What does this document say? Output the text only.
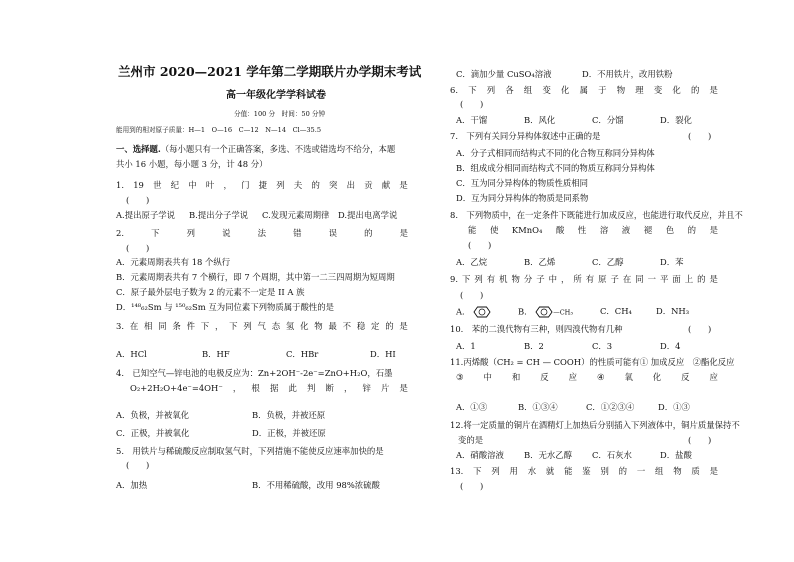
兰州市 2020—2021 学年第二学期联片办学期末考试
高一年级化学学科试卷
分值：100 分　时间：50 分钟
能用到的相对原子质量：H—1　O—16　C—12　N—14　Cl—35.5
一、选择题.（每小题只有一个正确答案，多选、不选或错选均不给分，本题
共小 16 小题，每小题 3 分，计 48 分）
1. 19 世 纪 中 叶 ， 门 捷 列 夫 的 突 出 贡 献 是
(　　)
A.提出原子学说 B.提出分子学说 C.发现元素周期律 D.提出电离学说
2.	下	列	说	法	错	误	的	是
(　　)
A．元素周期表共有 18 个纵行
B．元素周期表共有 7 个横行，即 7 个周期，其中第一二三四周期为短周期
C．原子最外层电子数为 2 的元素不一定是 II A 族
D．¹⁴⁸₆₂Sm 与 ¹⁵⁰₆₂Sm 互为同位素下列物质属于酸性的是
3. 在 相 同 条 件 下 ， 下 列 气 态 氢 化 物 最 不 稳 定 的 是
A．HCl	B．HF	C．HBr	D．HI
4.　已知空气—锌电池的电极反应为：Zn+2OH⁻-2e⁻=ZnO+H₂O，石墨
O₂+2H₂O+4e⁻=4OH⁻ ， 根 据 此 判 断 ， 锌 片 是
A．负极，并被氧化	B．负极，并被还原
C．正极，并被氧化	D．正极，并被还原
5.　用铁片与稀硫酸反应制取氢气时，下列措施不能使反应速率加快的是
(　　)
A．加热	B．不用稀硫酸，改用 98%浓硫酸
C．滴加少量 CuSO₄溶液	D．不用铁片，改用铁粉
6. 下 列 各 组 变 化 属 于 物 理 变 化 的 是
(　　)
A．干馏	B．风化	C．分馏	D．裂化
7.　下列有关同分异构体叙述中正确的是	(　　)
A．分子式相同而结构式不同的化合物互称同分异构体
B．组成成分相同而结构式不同的物质互称同分异构体
C．互为同分异构体的物质性质相同
D．互为同分异构体的物质是同系物
8.　下列物质中，在一定条件下既能进行加成反应，也能进行取代反应，并且不
能 使 KMnO₄ 酸 性 溶 液 褪 色 的 是
(　　)
A．乙烷	B．乙烯	C．乙醇	D．苯
9. 下 列 有 机 物 分 子 中 ， 所 有 原 子 在 同 一 平 面 上 的 是
(　　)
A．	B．	—CH₃	C．CH₄	D．NH₃
10.　苯的二溴代物有三种，则四溴代物有几种	(　　)
A．1	B．2	C．3	D．4
11.丙烯酸（CH₂ = CH — COOH）的性质可能有① 加成反应　②酯化反应
③ 中 和 反 应 ④ 氧 化 反 应
A．①③	B．①③④	C．①②③④	D．①③
12.将一定质量的铜片在酒精灯上加热后分别插入下列液体中，铜片质量保持不
变的是	(　　)
A．硝酸溶液 B．无水乙醇 C．石灰水	D．盐酸
13. 下 列 用 水 就 能 鉴 别 的 一 组 物 质 是
(　　)
